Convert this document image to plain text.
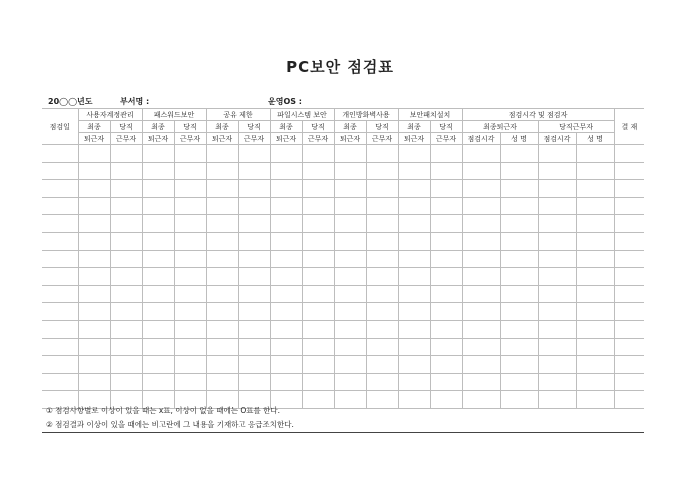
PC보안 점검표
20◯◯년도	부서명 :	운영OS :
점검일	사용자계정관리		패스워드보안		공유 제한		파일시스템 보안		개인방화벽사용		보안패치설치		점검시각 및 점검자				결 재
	최종	당직	최종	당직	최종	당직	최종	당직	최종	당직	최종	당직	최종퇴근자		당직근무자		
	퇴근자	근무자	퇴근자	근무자	퇴근자	근무자	퇴근자	근무자	퇴근자	근무자	퇴근자	근무자	점검시각	성 명	점검시각	성 명	

① 점검사항별로 이상이 있을 때는 x표, 이상이 없을 때에는 O표를 한다.
② 점검결과 이상이 있을 때에는 비고란에 그 내용을 기재하고 응급조치한다.
